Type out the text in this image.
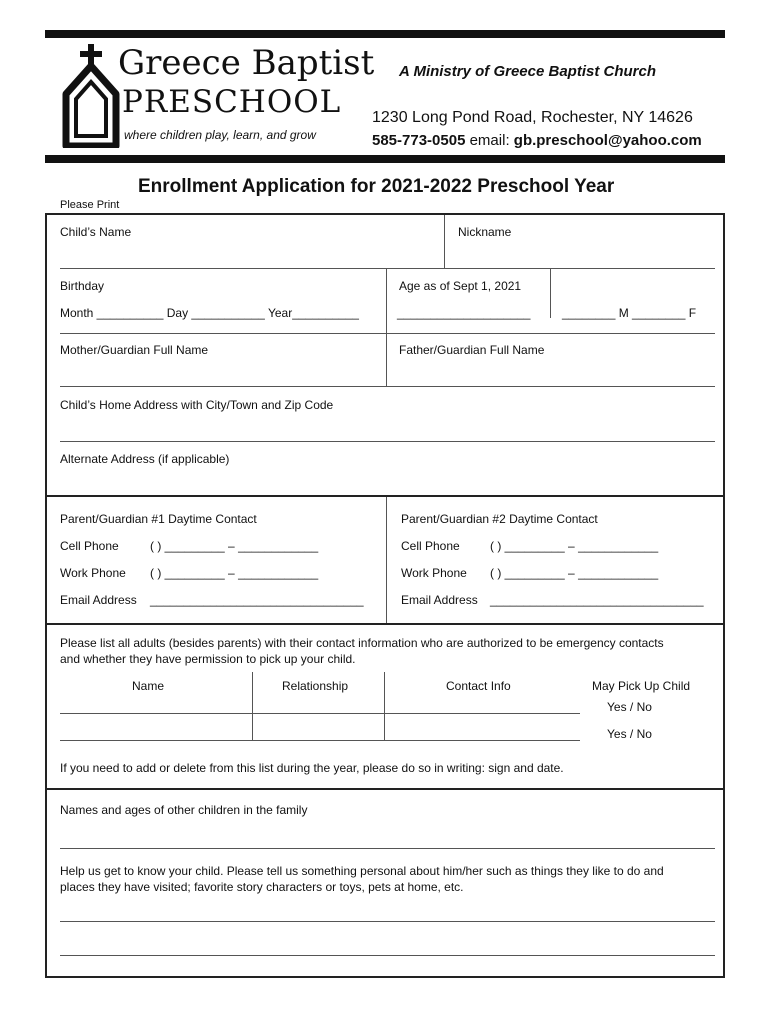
Greece Baptist
PRESCHOOL
where children play, learn, and grow
A Ministry of Greece Baptist Church
1230 Long Pond Road, Rochester, NY 14626
585-773-0505 email: gb.preschool@yahoo.com
Enrollment Application for 2021-2022 Preschool Year
Please Print
Child’s Name	Nickname
Birthday	Age as of Sept 1, 2021
Month __________ Day ___________ Year__________	____________________	________ M ________ F
Mother/Guardian Full Name	Father/Guardian Full Name
Child’s Home Address with City/Town and Zip Code
Alternate Address (if applicable)
Parent/Guardian #1 Daytime Contact	Parent/Guardian #2 Daytime Contact
Cell Phone	( ) _________ – ____________	Cell Phone	( ) _________ – ____________
Work Phone ( ) _________ – ____________	Work Phone ( ) _________ – ____________
Email Address ________________________________	Email Address ________________________________
Please list all adults (besides parents) with their contact information who are authorized to be emergency contacts
and whether they have permission to pick up your child.
Name	Relationship	Contact Info	May Pick Up Child
Yes / No
Yes / No
If you need to add or delete from this list during the year, please do so in writing: sign and date.
Names and ages of other children in the family
Help us get to know your child. Please tell us something personal about him/her such as things they like to do and
places they have visited; favorite story characters or toys, pets at home, etc.
